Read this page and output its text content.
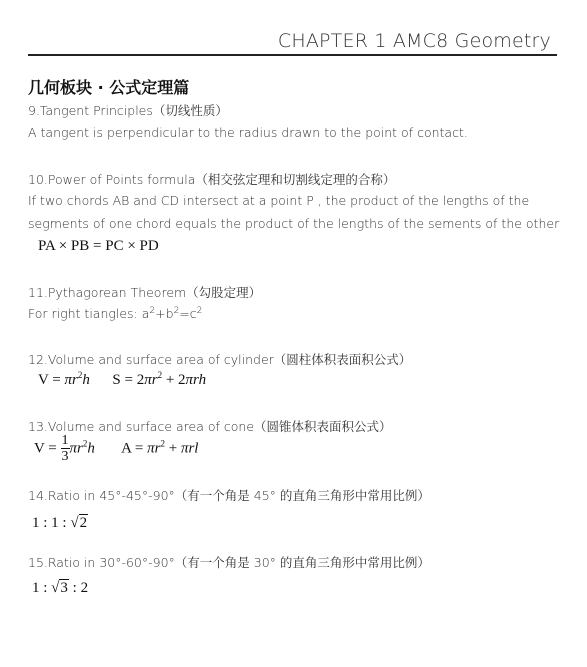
CHAPTER 1 AMC8 Geometry
几何板块 · 公式定理篇
9.Tangent Principles（切线性质）
A tangent is perpendicular to the radius drawn to the point of contact.
10.Power of Points formula（相交弦定理和切割线定理的合称）
If two chords AB and CD intersect at a point P , the product of the lengths of the
segments of one chord equals the product of the lengths of the sements of the other
PA × PB = PC × PD
11.Pythagorean Theorem（勾股定理）
For right tiangles: $a^2+b^2=c^2$
12.Volume and surface area of cylinder（圆柱体积表面积公式）
$V = \pi r^2h$      $S = 2\pi r^2 + 2\pi rh$
13.Volume and surface area of cone（圆锥体积表面积公式）
$V = \frac{1}{3} \pi r^2h$       $A = \pi r^2 + \pi rl$
14.Ratio in 45°-45°-90°（有一个角是 45° 的直角三角形中常用比例）
1 : 1 : √2
15.Ratio in 30°-60°-90°（有一个角是 30° 的直角三角形中常用比例）
1 : √3 : 2
